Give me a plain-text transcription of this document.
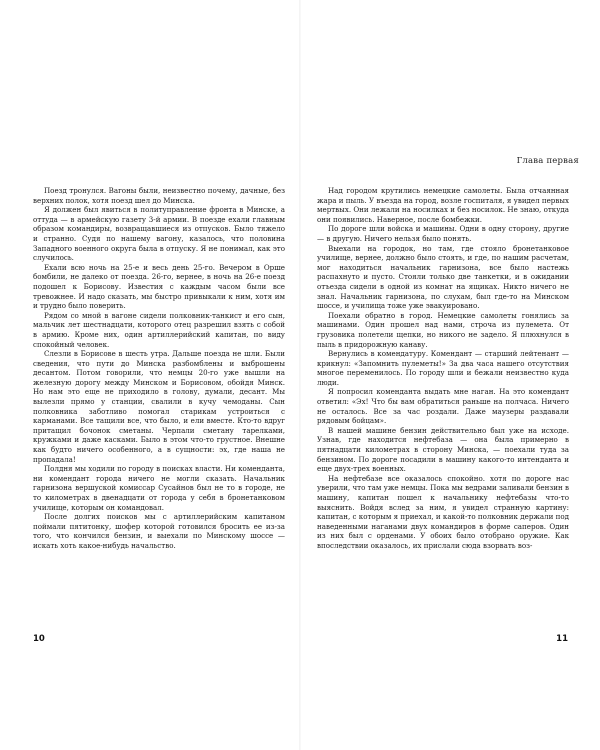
Поезд тронулся. Вагоны были, неизвестно почему, дачные, без верхних полок, хотя поезд шел до Минска.

Я должен был явиться в политуправление фронта в Минске, а оттуда — в армейскую газету 3-й армии. В поезде ехали главным образом командиры, возвращавшиеся из отпусков. Было тяжело и странно. Судя по нашему вагону, казалось, что половина Западного военного округа была в отпуску. Я не понимал, как это случилось.

Ехали всю ночь на 25-е и весь день 25-го. Вечером в Орше бомбили, не далеко от поезда. 26-го, вернее, в ночь на 26-е поезд подошел к Борисову. Известия с каждым часом были все тревожнее. И надо сказать, мы быстро привыкали к ним, хотя им и трудно было поверить.

Рядом со мной в вагоне сидели полковник-танкист и его сын, мальчик лет шестнадцати, которого отец разрешил взять с собой в армию. Кроме них, один артиллерийский капитан, по виду спокойный человек.

Слезли в Борисове в шесть утра. Дальше поезда не шли. Были сведения, что пути до Минска разбомблены и выброшены десантом. Потом говорили, что немцы 20-го уже вышли на железную дорогу между Минском и Борисовом, обойдя Минск. Но нам это еще не приходило в голову, думали, десант. Мы вылезли прямо у станции, свалили в кучу чемоданы. Сын полковника заботливо помогал старикам устроиться с карманами. Все тащили все, что было, и ели вместе. Кто-то вдруг притащил бочонок сметаны. Черпали сметану тарелками, кружками и даже касками. Было в этом что-то грустное. Внешне как будто ничего особенного, а в сущности: эх, где наша не пропадала!

Полдня мы ходили по городу в поисках власти. Ни коменданта, ни комендант города ничего не могли сказать. Начальник гарнизона вершуской комиссар Сусайнов был не то в городе, не то километрах в двенадцати от города у себя в бронетанковом училище, которым он командовал.

После долгих поисков мы с артиллерийским капитаном поймали пятитонку, шофер которой готовился бросить ее из-за того, что кончился бензин, и выехали по Минскому шоссе — искать хоть какое-нибудь начальство.

10
Глава первая

Над городом крутились немецкие самолеты. Была отчаянная жара и пыль. У въезда на город, возле госпиталя, я увидел первых мертвых. Они лежали на носилках и без носилок. Не знаю, откуда они появились. Наверное, после бомбежки.

По дороге шли войска и машины. Одни в одну сторону, другие — в другую. Ничего нельзя было понять.

Выехали на городок, но там, где стояло бронетанковое училище, вернее, должно было стоять, и где, по нашим расчетам, мог находиться начальник гарнизона, все было настежь распахнуто и пусто. Стояли только две танкетки, и в ожидании отъезда сидели в одной из комнат на ящиках. Никто ничего не знал. Начальник гарнизона, по слухам, был где-то на Минском шоссе, и училища тоже уже эвакуировано.

Поехали обратно в город. Немецкие самолеты гонялись за машинами. Один прошел над нами, строча из пулемета. От грузовика полетели щепки, но никого не задело. Я плюхнулся в пыль в придорожную канаву.

Вернулись в комендатуру. Комендант — старший лейтенант — крикнул: «Запомнить пулеметы!» За два часа нашего отсутствия многое переменилось. По городу шли и бежали неизвестно куда люди.

Я попросил коменданта выдать мне наган. На это комендант ответил: «Эх! Что бы вам обратиться раньше на полчаса. Ничего не осталось. Все за час роздали. Даже маузеры раздавали рядовым бойцам».

В нашей машине бензин действительно был уже на исходе. Узнав, где находится нефтебаза — она была примерно в пятнадцати километрах в сторону Минска, — поехали туда за бензином. По дороге посадили в машину какого-то интенданта и еще двух-трех военных.

На нефтебазе все оказалось спокойно. хотя по дороге нас уверили, что там уже немцы. Пока мы ведрами заливали бензин в машину, капитан пошел к начальнику нефтебазы что-то выяснить. Войдя вслед за ним, я увидел странную картину: капитан, с которым я приехал, и какой-то полковник держали под наведенными наганами двух командиров в форме саперов. Один из них был с орденами. У обоих было отобрано оружие. Как впоследствии оказалось, их прислали сюда взорвать воз-

11
